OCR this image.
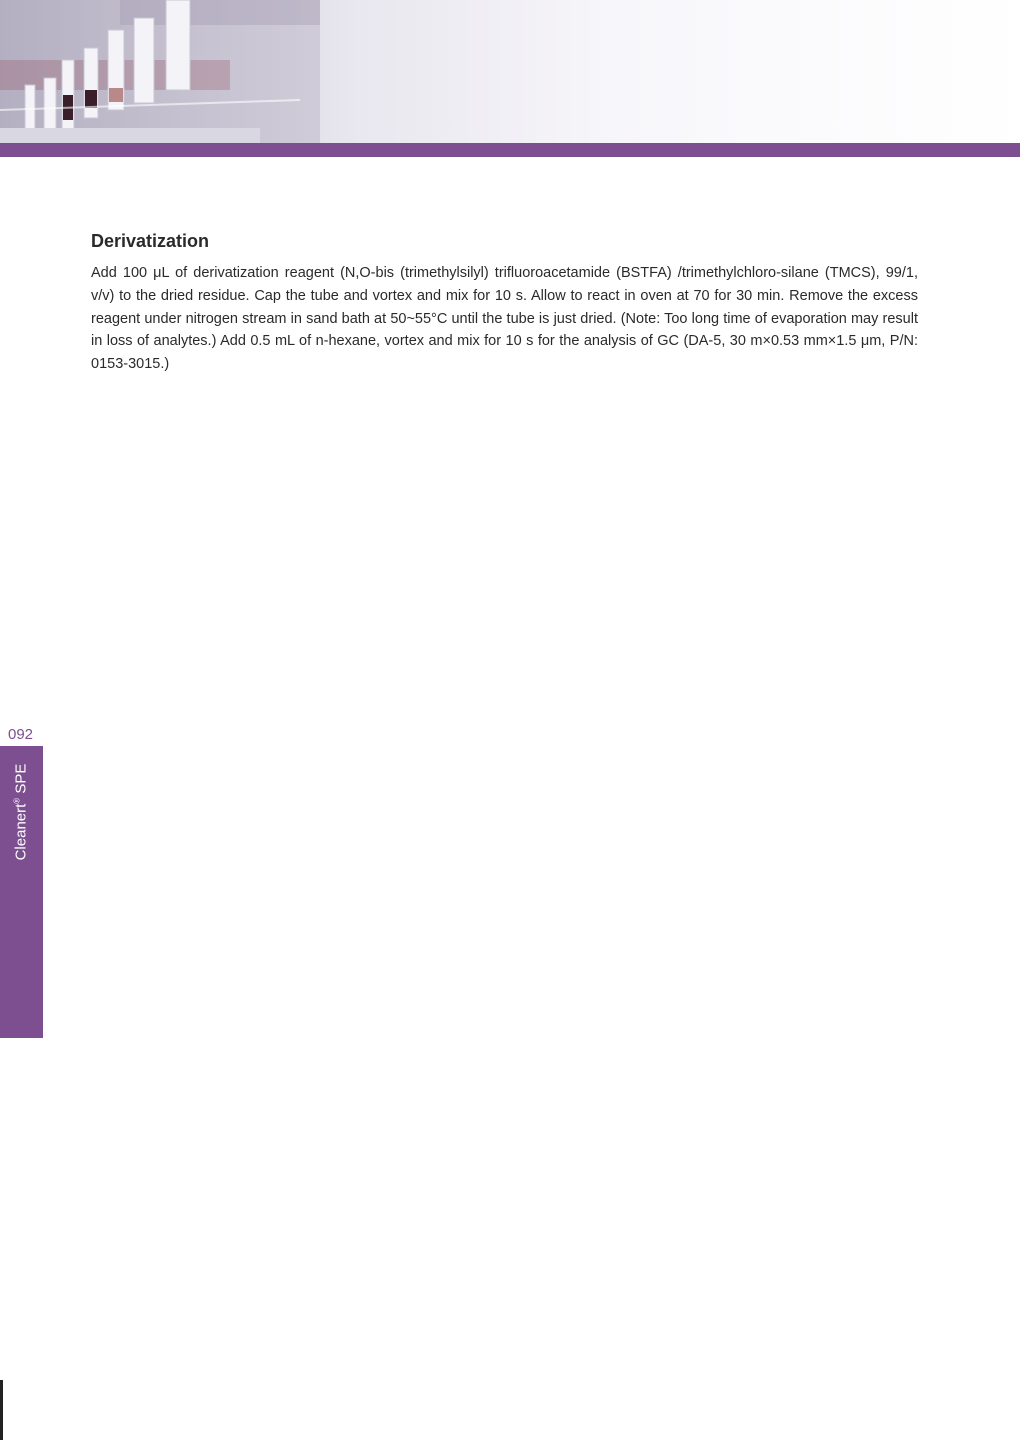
Derivatization

Add 100 μL of derivatization reagent (N,O-bis (trimethylsilyl) trifluoroacetamide (BSTFA) /trimethylchloro-silane (TMCS), 99/1, v/v) to the dried residue. Cap the tube and vortex and mix for 10 s. Allow to react in oven at 70 for 30 min. Remove the excess reagent under nitrogen stream in sand bath at 50~55°C until the tube is just dried. (Note: Too long time of evaporation may result in loss of analytes.) Add 0.5 mL of n-hexane, vortex and mix for 10 s for the analysis of GC (DA-5, 30 m×0.53 mm×1.5 μm, P/N: 0153-3015.)

092
Cleanert® SPE
